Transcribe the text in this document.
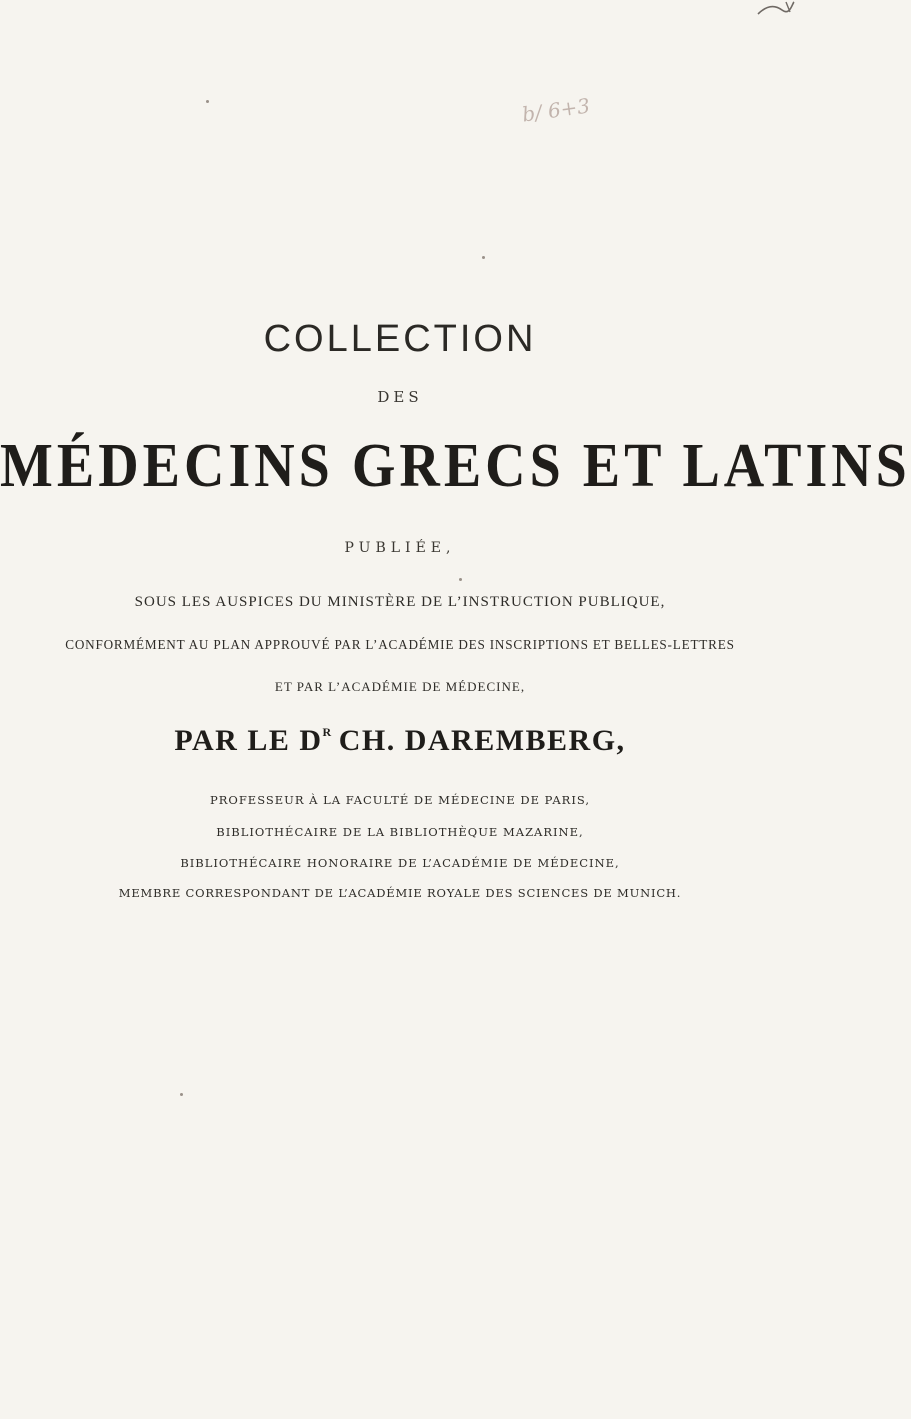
b/ 6+3
COLLECTION
DES
MÉDECINS GRECS ET LATINS
PUBLIÉE,
SOUS LES AUSPICES DU MINISTÈRE DE L’INSTRUCTION PUBLIQUE,
CONFORMÉMENT AU PLAN APPROUVÉ PAR L’ACADÉMIE DES INSCRIPTIONS ET BELLES-LETTRES
ET PAR L’ACADÉMIE DE MÉDECINE,
PAR LE $D^R$ CH. DAREMBERG,
PROFESSEUR À LA FACULTÉ DE MÉDECINE DE PARIS,
BIBLIOTHÉCAIRE DE LA BIBLIOTHÈQUE MAZARINE,
BIBLIOTHÉCAIRE HONORAIRE DE L’ACADÉMIE DE MÉDECINE,
MEMBRE CORRESPONDANT DE L’ACADÉMIE ROYALE DES SCIENCES DE MUNICH.
